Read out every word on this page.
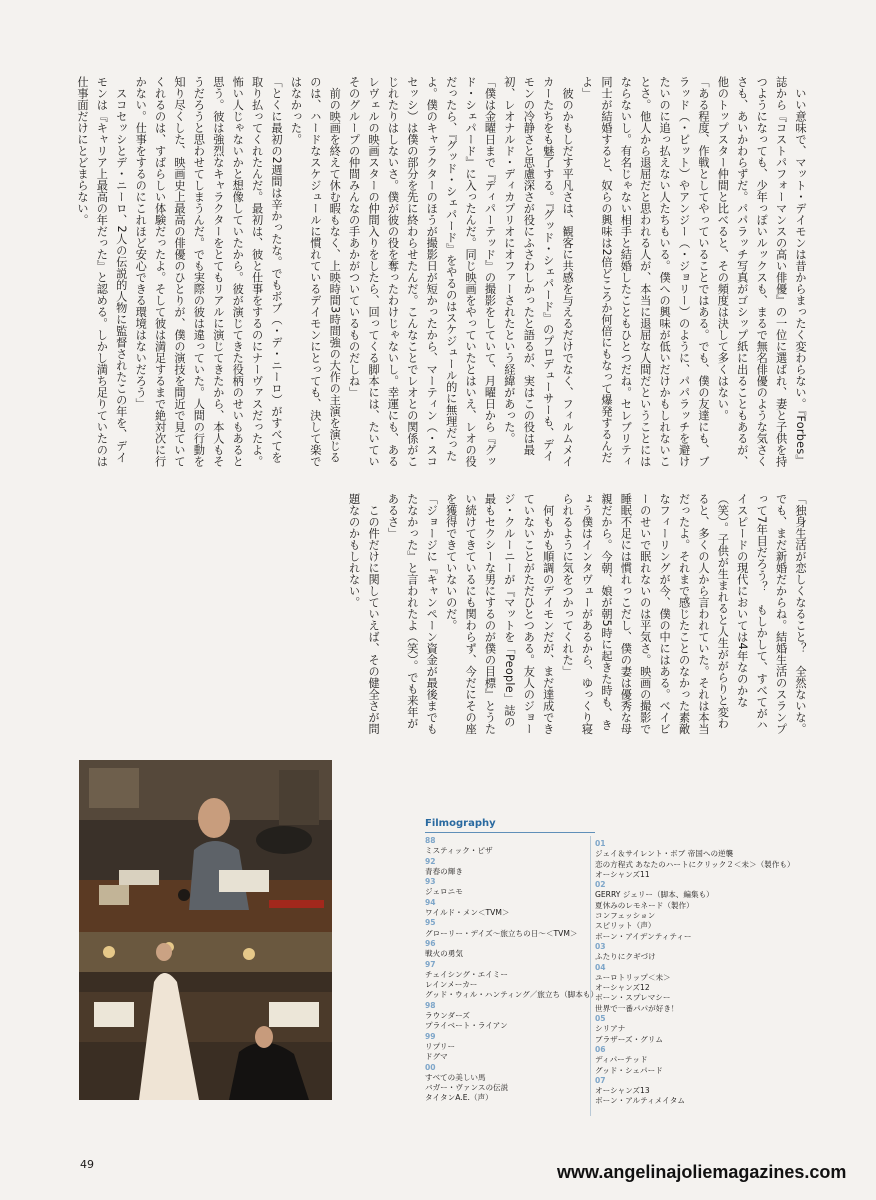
　いい意味で、マット・デイモンは昔からまったく変わらない。『Forbes』誌から『コストパフォーマンスの高い俳優』の一位に選ばれ、妻と子供を持つようになっても、少年っぽいルックスも、まるで無名俳優のような気さくさも、あいかわらずだ。パパラッチ写真がゴシップ紙に出ることもあるが、他のトップスター仲間と比べると、その頻度は決して多くはない。

「ある程度、作戦としてやっていることではある。でも、僕の友達にも、ブラッド（・ピット）やアンジー（・ジョリー）のように、パパラッチを避けたいのに追っ払えない人たちもいる。僕への興味が低いだけかもしれないことさ。他人から退屈だと思われる人が、本当に退屈な人間だということにはならないし。有名じゃない相手と結婚したこともひとつだね。セレブリティ同士が結婚すると、奴らの興味は2倍どころか何倍にもなって爆発するんだよ」

　彼のかもしだす平凡さは、観客に共感を与えるだけでなく、フィルムメイカーたちをも魅了する。『グッド・シェパード』のプロデューサーも、デイモンの冷静さと思慮深さが役にふさわしかったと語るが、実はこの役は最初、レオナルド・ディカプリオにオファーされたという経緯があった。

「僕は金曜日まで『ディパーテッド』の撮影をしていて、月曜日から『グッド・シェパード』に入ったんだ。同じ映画をやっていたとはいえ、レオの役だったら、『グッド・シェパード』をやるのはスケジュール的に無理だったよ。僕のキャラクターのほうが撮影日が短かったから、マーティン（・スコセッシ）は僕の部分を先に終わらせたんだ。こんなことでレオとの関係がこじれたりはしないさ。僕が彼の役を奪ったわけじゃないし。幸運にも、あるレヴェルの映画スターの仲間入りをしたら、回ってくる脚本には、たいていそのグループの仲間みんなの手あかがついているものだしね」

　前の映画を終えて休む暇もなく、上映時間3時間強の大作の主演を演じるのは、ハードなスケジュールに慣れているデイモンにとっても、決して楽ではなかった。

「とくに最初の2週間は辛かったな。でもボブ（・デ・ニーロ）がすべてを取り払ってくれたんだ。最初は、彼と仕事をするのにナーヴァスだったよ。怖い人じゃないかと想像していたから。彼が演じてきた役柄のせいもあると思う。彼は強烈なキャラクターをとてもリアルに演じてきたから、本人もそうだろうと思わせてしまうんだ。でも実際の彼は違っていた。人間の行動を知り尽くした、映画史上最高の俳優のひとりが、僕の演技を間近で見ていてくれるのは、すばらしい体験だったよ。そして彼は満足するまで絶対次に行かない。仕事をするのにこれほど安心できる環境はないだろう」

　スコセッシとデ・ニーロ、2人の伝説的人物に監督されたこの年を、デイモンは『キャリア上最高の年だった』と認める。しかし満ち足りていたのは仕事面だけにとどまらない。

「独身生活が恋しくなること？　全然ないな。でも、まだ新婚だからね。結婚生活のスランプって7年目だろう？　もしかして、すべてがハイスピードの現代においては4年なのかな（笑）。子供が生まれると人生ががらりと変わると、多くの人から言われていた。それは本当だったよ。それまで感じたことのなかった素敵なフィーリングが今、僕の中にはある。ベイビーのせいで眠れないのは平気さ。映画の撮影で睡眠不足には慣れっこだし、僕の妻は優秀な母親だから。今朝、娘が朝5時に起きた時も、きょう僕はインタヴューがあるから、ゆっくり寝られるように気をつかってくれた」

　何もかも順調のデイモンだが、まだ達成できていないことがただひとつある。友人のジョージ・クルーニーが『マットを「People」誌の最もセクシーな男にするのが僕の目標』とうたい続けてきているにも関わらず、今だにその座を獲得できていないのだ。

「ジョージに『キャンペーン資金が最後までもたなかった』と言われたよ（笑）。でも来年があるさ」

　この件だけに関していえば、その健全さが問題なのかもしれない。

Filmography
88
ミスティック・ピザ
92
青春の輝き
93
ジェロニモ
94
ワイルド・メン＜TVM＞
95
グローリー・デイズ〜旅立ちの日〜＜TVM＞
96
戦火の勇気
97
チェイシング・エイミー
レインメーカー
グッド・ウィル・ハンティング／旅立ち（脚本も）
98
ラウンダーズ
プライベート・ライアン
99
リプリー
ドグマ
00
すべての美しい馬
バガー・ヴァンスの伝説
タイタンA.E.（声）
01
ジェイ＆サイレント・ボブ 帝国への逆襲
恋の方程式 あなたのハートにクリック２＜未＞（製作も）
オーシャンズ11
02
GERRY ジェリー（脚本、編集も）
夏休みのレモネード（製作）
コンフェッション
スピリット（声）
ボーン・アイデンティティー
03
ふたりにクギづけ
04
ユーロトリップ＜未＞
オーシャンズ12
ボーン・スプレマシー
世界で一番パパが好き！
05
シリアナ
ブラザーズ・グリム
06
ディパーテッド
グッド・シェパード
07
オーシャンズ13
ボーン・アルティメイタム
49	www.angelinajoliemagazines.com
